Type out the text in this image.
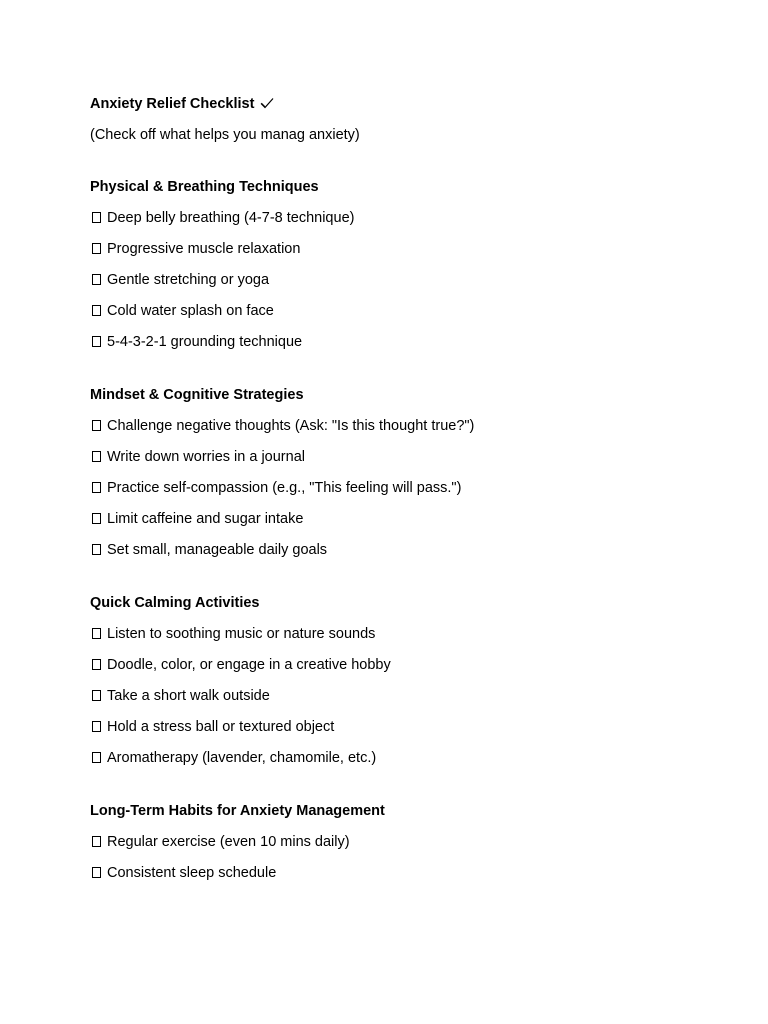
Anxiety Relief Checklist
(Check off what helps you manag anxiety)
Physical & Breathing Techniques
Deep belly breathing (4-7-8 technique)
Progressive muscle relaxation
Gentle stretching or yoga
Cold water splash on face
5-4-3-2-1 grounding technique
Mindset & Cognitive Strategies
Challenge negative thoughts (Ask: "Is this thought true?")
Write down worries in a journal
Practice self-compassion (e.g., "This feeling will pass.")
Limit caffeine and sugar intake
Set small, manageable daily goals
Quick Calming Activities
Listen to soothing music or nature sounds
Doodle, color, or engage in a creative hobby
Take a short walk outside
Hold a stress ball or textured object
Aromatherapy (lavender, chamomile, etc.)
Long-Term Habits for Anxiety Management
Regular exercise (even 10 mins daily)
Consistent sleep schedule
